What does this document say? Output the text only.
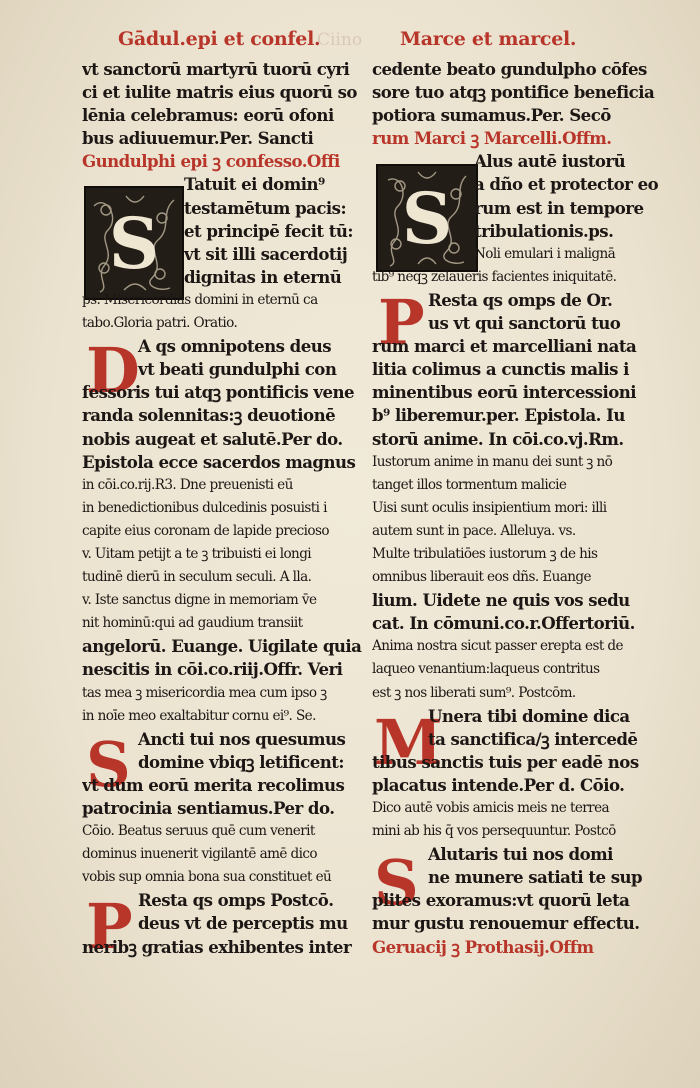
Gādul.epi et confel.
Ciino
S
D
S
P
vt sanctorū martyrū tuorū cyri
ci et iulite matris eius quorū so
lēnia celebramus: eorū ofoni
bus adiuuemur.Per. Sancti
Gundulphi epi ꝫ confesso.Offi
Tatuit ei domin⁹
testamētum pacis:
et principē fecit tū:
vt sit illi sacerdotij
dignitas in eternū
ps. Misericordias domini in eternū ca
tabo.Gloria patri. Oratio.
A qs omnipotens deus
vt beati gundulphi con
fessoris tui atqꝫ pontificis vene
randa solennitas:ꝫ deuotionē
nobis augeat et salutē.Per do.
Epistola ecce sacerdos magnus
in cōi.co.rij.R3. Dne preuenisti eū
in benedictionibus dulcedinis posuisti i
capite eius coronam de lapide precioso
v. Uitam petijt a te ꝫ tribuisti ei longi
tudinē dierū in seculum seculi. A lla.
v. Iste sanctus digne in memoriam v̄e
nit hominū:qui ad gaudium transiit
angelorū. Euange. Uigilate quia
nescitis in cōi.co.riij.Offr. Veri
tas mea ꝫ misericordia mea cum ipso ꝫ
in noīe meo exaltabitur cornu ei⁹. Se.
Ancti tui nos quesumus
domine vbiqꝫ letificent:
vt dum eorū merita recolimus
patrocinia sentiamus.Per do.
Cōio. Beatus seruus quē cum venerit
dominus inuenerit vigilantē amē dico
vobis sup omnia bona sua constituet eū
Resta qs omps Postcō.
deus vt de perceptis mu
neribꝫ gratias exhibentes inter
Marce et marcel.
S
P
M
S
cedente beato gundulpho cōfes
sore tuo atqꝫ pontifice beneficia
potiora sumamus.Per. Secō
rum Marci ꝫ Marcelli.Offm.
Alus autē iustorū
a dño et protector eo
rum est in tempore
tribulationis.ps.
Noli emulari i malignā
tib⁹ neqꝫ zelaueris facientes iniquitatē.
Resta qs omps de Or.
us vt qui sanctorū tuo
rum marci et marcelliani nata
litia colimus a cunctis malis i
minentibus eorū intercessioni
b⁹ liberemur.per. Epistola. Iu
storū anime. In cōi.co.vj.Rm.
Iustorum anime in manu dei sunt ꝫ nō
tanget illos tormentum malicie
Uisi sunt oculis insipientium mori: illi
autem sunt in pace. Alleluya. vs.
Multe tribulatiōes iustorum ꝫ de his
omnibus liberauit eos dñs. Euange
lium. Uidete ne quis vos sedu
cat. In cōmuni.co.r.Offertoriū.
Anima nostra sicut passer erepta est de
laqueo venantium:laqueus contritus
est ꝫ nos liberati sum⁹. Postcōm.
Unera tibi domine dica
ta sanctifica/ꝫ intercedē
tibus sanctis tuis per eadē nos
placatus intende.Per d. Cōio.
Dico autē vobis amicis meis ne terrea
mini ab his q̄ vos persequuntur. Postcō
Alutaris tui nos domi
ne munere satiati te sup
plites exoramus:vt quorū leta
mur gustu renouemur effectu.
Geruacij ꝫ Prothasij.Offm
